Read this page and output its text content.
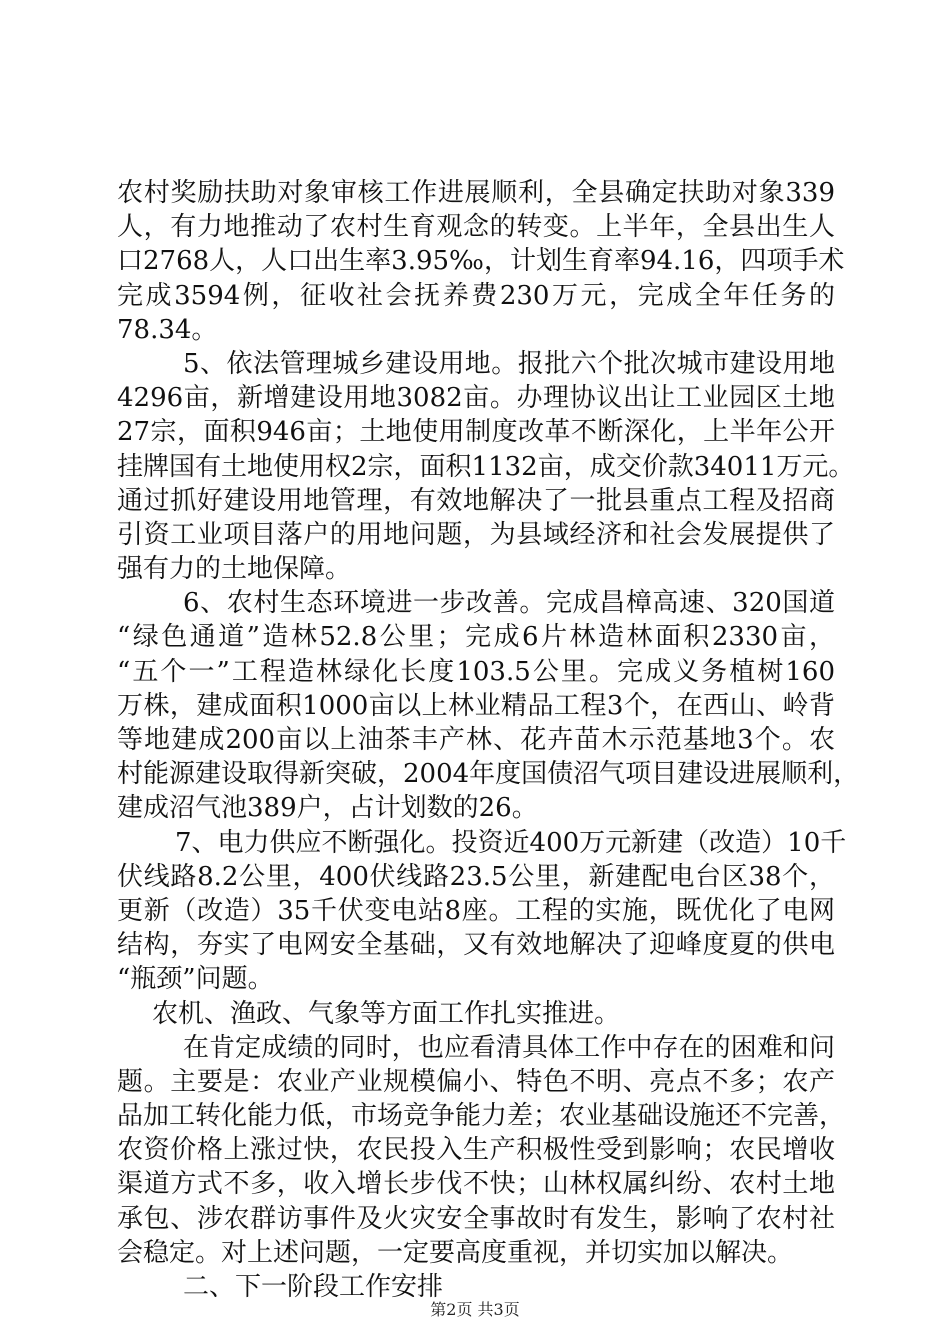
农村奖励扶助对象审核工作进展顺利，全县确定扶助对象339
人，有力地推动了农村生育观念的转变。上半年，全县出生人
口2768人，人口出生率3.95‰，计划生育率94.16，四项手术
完成3594例，征收社会抚养费230万元，完成全年任务的
78.34。
5、依法管理城乡建设用地。报批六个批次城市建设用地
4296亩，新增建设用地3082亩。办理协议出让工业园区土地
27宗，面积946亩；土地使用制度改革不断深化，上半年公开
挂牌国有土地使用权2宗，面积1132亩，成交价款34011万元。
通过抓好建设用地管理，有效地解决了一批县重点工程及招商
引资工业项目落户的用地问题，为县域经济和社会发展提供了
强有力的土地保障。
6、农村生态环境进一步改善。完成昌樟高速、320国道
“绿色通道”造林52.8公里；完成6片林造林面积2330亩，
“五个一”工程造林绿化长度103.5公里。完成义务植树160
万株，建成面积1000亩以上林业精品工程3个，在西山、岭背
等地建成200亩以上油茶丰产林、花卉苗木示范基地3个。农
村能源建设取得新突破，2004年度国债沼气项目建设进展顺利，
建成沼气池389户，占计划数的26。
7、电力供应不断强化。投资近400万元新建（改造）10千
伏线路8.2公里，400伏线路23.5公里，新建配电台区38个，
更新（改造）35千伏变电站8座。工程的实施，既优化了电网
结构，夯实了电网安全基础，又有效地解决了迎峰度夏的供电
“瓶颈”问题。
农机、渔政、气象等方面工作扎实推进。
在肯定成绩的同时，也应看清具体工作中存在的困难和问
题。主要是：农业产业规模偏小、特色不明、亮点不多；农产
品加工转化能力低，市场竞争能力差；农业基础设施还不完善，
农资价格上涨过快，农民投入生产积极性受到影响；农民增收
渠道方式不多，收入增长步伐不快；山林权属纠纷、农村土地
承包、涉农群访事件及火灾安全事故时有发生，影响了农村社
会稳定。对上述问题，一定要高度重视，并切实加以解决。
二、下一阶段工作安排
第2页 共3页
